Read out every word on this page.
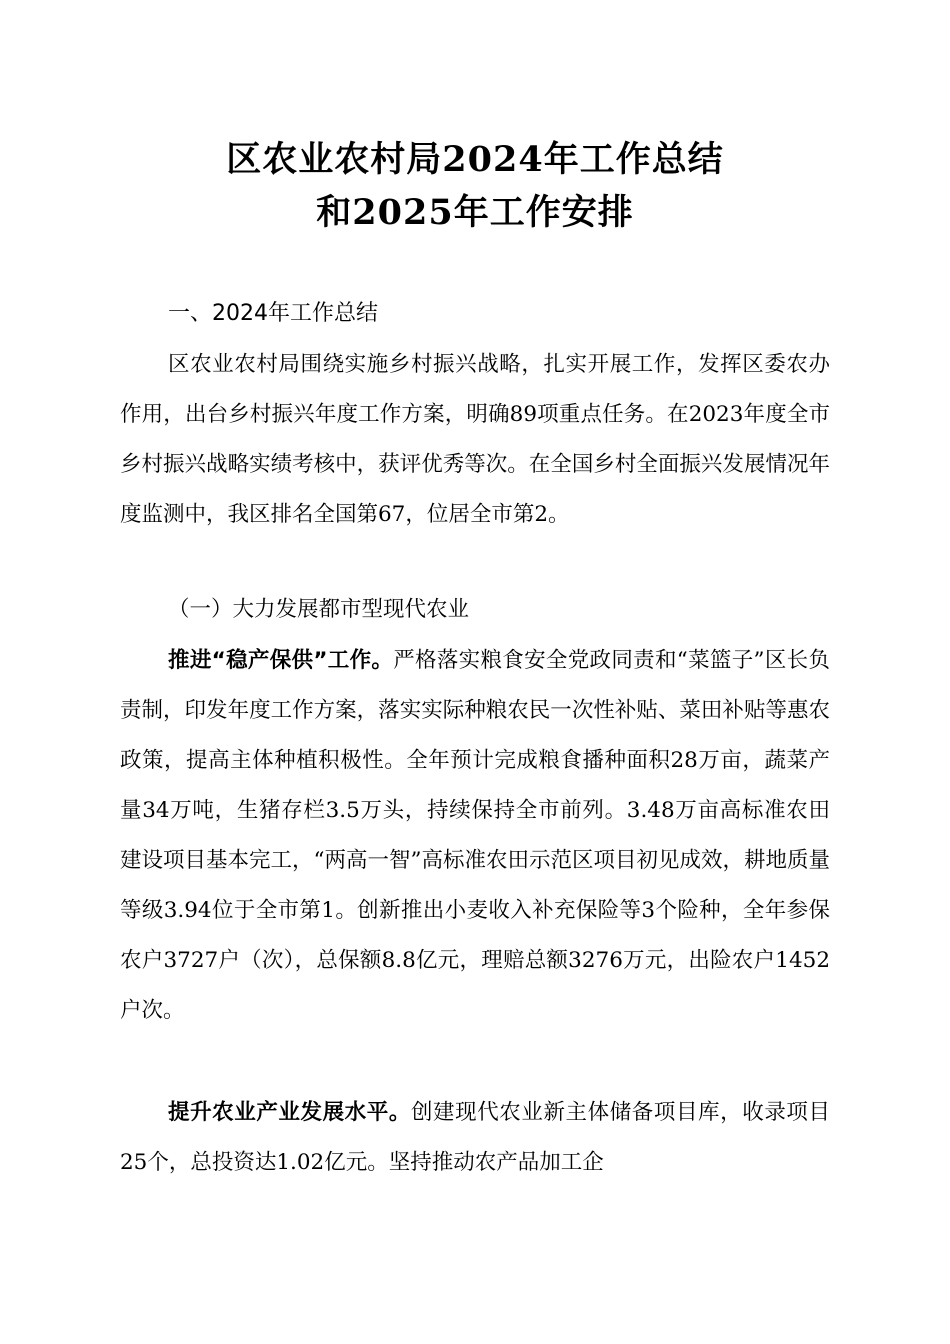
区农业农村局2024年工作总结
和2025年工作安排
一、2024年工作总结

区农业农村局围绕实施乡村振兴战略，扎实开展工作，发挥区委农办作用，出台乡村振兴年度工作方案，明确89项重点任务。在2023年度全市乡村振兴战略实绩考核中，获评优秀等次。在全国乡村全面振兴发展情况年度监测中，我区排名全国第67，位居全市第2。

（一）大力发展都市型现代农业

推进“稳产保供”工作。严格落实粮食安全党政同责和“菜篮子”区长负责制，印发年度工作方案，落实实际种粮农民一次性补贴、菜田补贴等惠农政策，提高主体种植积极性。全年预计完成粮食播种面积28万亩，蔬菜产量34万吨，生猪存栏3.5万头，持续保持全市前列。3.48万亩高标准农田建设项目基本完工，“两高一智”高标准农田示范区项目初见成效，耕地质量等级3.94位于全市第1。创新推出小麦收入补充保险等3个险种，全年参保农户3727户（次），总保额8.8亿元，理赔总额3276万元，出险农户1452户次。

提升农业产业发展水平。创建现代农业新主体储备项目库，收录项目25个，总投资达1.02亿元。坚持推动农产品加工企
